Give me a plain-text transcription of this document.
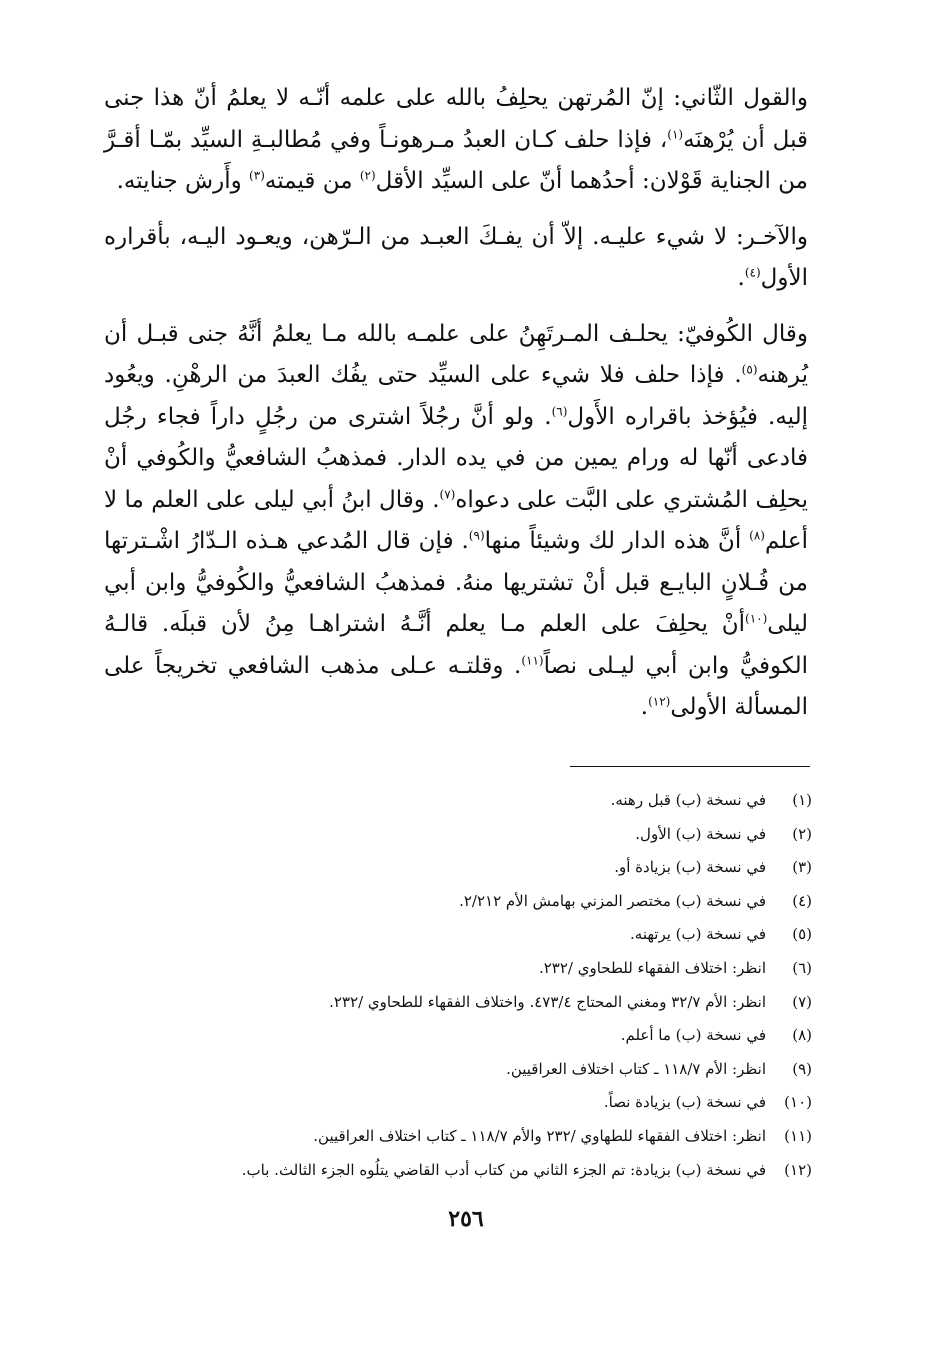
والقول الثّاني: إنّ المُرتهن يحلِفُ بالله على علمه أنّـه لا يعلمُ أنّ هذا جنى قبل أن يُرْهنَه$^{(١)}$، فإذا حلف كـان العبدُ مـرهونـاً وفي مُطالبـةِ السيِّد بمّـا أقـرَّ من الجناية قَوْلان: أحدُهما أنّ على السيِّد الأقل$^{(٢)}$ من قيمته$^{(٣)}$ وأَرش جنايته.

والآخـر: لا شيء عليـه. إلاّ أن يفـكَ العبـد من الـرّهن، ويعـود اليـه، بأقراره الأول$^{(٤)}$.

وقال الكُوفيّ: يحلـف المـرتَهِنُ على علمـه بالله مـا يعلمُ أنَّهُ جنى قبـل أن يُرهنه$^{(٥)}$. فإذا حلف فلا شيء على السيِّد حتى يفُك العبدَ من الرهْنِ. ويعُود إليه. فيُؤخذ باقراره الأَول$^{(٦)}$. ولو أنَّ رجُلاً اشترى من رجُلٍ داراً فجاء رجُل فادعى أنّها له ورام يمين من في يده الدار. فمذهبُ الشافعيُّ والكُوفي أنْ يحلِف المُشتري على البَّت على دعواه$^{(٧)}$. وقال ابنُ أبي ليلى على العلم ما لا أعلم$^{(٨)}$ أنَّ هذه الدار لك وشيئاً منها$^{(٩)}$. فإن قال المُدعي هـذه الـدّارُ اشْـترتها من فُـلانٍ البايـع قبل أنْ تشتريها منهُ. فمذهبُ الشافعيُّ والكُوفيُّ وابن أبي ليلى$^{(١٠)}$أنْ يحلِفَ على العلم مـا يعلم أنَّـهُ اشتراهـا مِنُ لأن قبلَه. قالـهُ الكوفيُّ وابن أبي ليـلى نصاً$^{(١١)}$. وقلتـه عـلى مذهب الشافعي تخريجاً على المسألة الأولى$^{(١٢)}$.

(١)
في نسخة (ب) قبل رهنه.
(٢)
في نسخة (ب) الأول.
(٣)
في نسخة (ب) بزيادة أو.
(٤)
في نسخة (ب) مختصر المزني بهامش الأم ٢/٢١٢.
(٥)
في نسخة (ب) يرتهنه.
(٦)
انظر: اختلاف الفقهاء للطحاوي /٢٣٢.
(٧)
انظر: الأم ٣٢/٧ ومغني المحتاج ٤٧٣/٤. واختلاف الفقهاء للطحاوي /٢٣٢.
(٨)
في نسخة (ب) ما أعلم.
(٩)
انظر: الأم ١١٨/٧ ـ كتاب اختلاف العراقيين.
(١٠)
في نسخة (ب) بزيادة نصاً.
(١١)
انظر: اختلاف الفقهاء للطهاوي /٢٣٢ والأم ١١٨/٧ ـ كتاب اختلاف العراقيين.
(١٢)
في نسخة (ب) بزيادة: تم الجزء الثاني من كتاب أدب القاضي يتلُوه الجزء الثالث. باب.
٢٥٦
